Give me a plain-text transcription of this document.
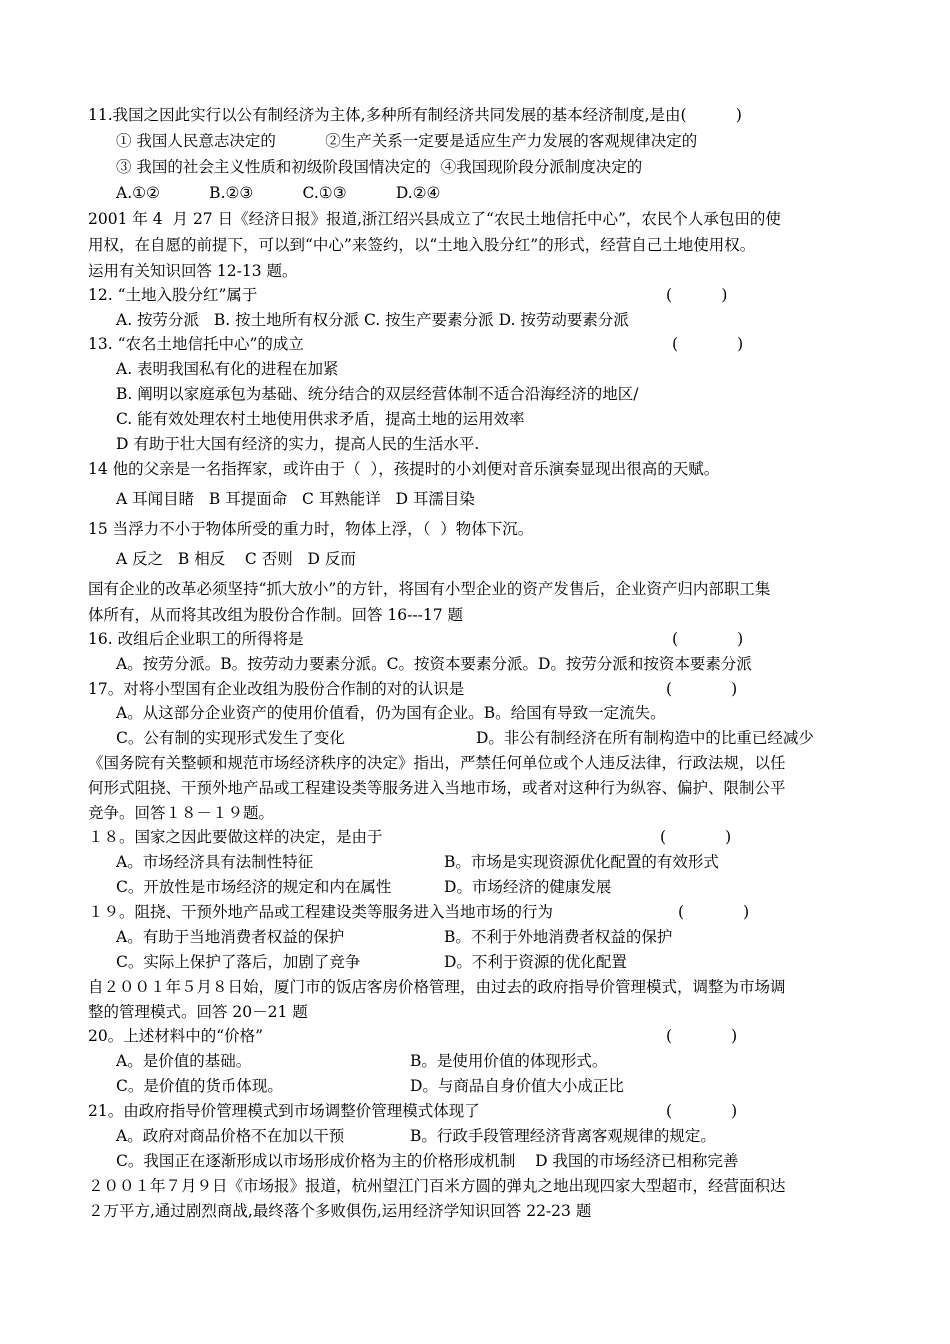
11.我国之因此实行以公有制经济为主体,多种所有制经济共同发展的基本经济制度,是由(          )
① 我国人民意志决定的          ②生产关系一定要是适应生产力发展的客观规律决定的
③ 我国的社会主义性质和初级阶段国情决定的  ④我国现阶段分派制度决定的
A.①②          B.②③          C.①③          D.②④
2001 年 4  月 27 日《经济日报》报道,浙江绍兴县成立了“农民土地信托中心”，农民个人承包田的使
用权，在自愿的前提下，可以到“中心”来签约，以“土地入股分红”的形式，经营自己土地使用权。
运用有关知识回答 12-13 题。
12. “土地入股分红”属于	(          )
A. 按劳分派   B. 按土地所有权分派 C. 按生产要素分派 D. 按劳动要素分派
13. “农名土地信托中心”的成立	(            )
A. 表明我国私有化的进程在加紧
B. 阐明以家庭承包为基础、统分结合的双层经营体制不适合沿海经济的地区/
C. 能有效处理农村土地使用供求矛盾，提高土地的运用效率
D 有助于壮大国有经济的实力，提高人民的生活水平.
14 他的父亲是一名指挥家，或许由于（  ），孩提时的小刘便对音乐演奏显现出很高的天赋。
A 耳闻目睹   B 耳提面命   C 耳熟能详   D 耳濡目染
15 当浮力不小于物体所受的重力时，物体上浮，（  ）物体下沉。
A 反之   B 相反    C 否则   D 反而
国有企业的改革必须坚持“抓大放小”的方针，将国有小型企业的资产发售后，企业资产归内部职工集
体所有，从而将其改组为股份合作制。回答 16---17 题
16. 改组后企业职工的所得将是	(            )
A。按劳分派。B。按劳动力要素分派。C。按资本要素分派。D。按劳分派和按资本要素分派
17。对将小型国有企业改组为股份合作制的对的认识是	(            )
A。从这部分企业资产的使用价值看，仍为国有企业。B。给国有导致一定流失。
C。公有制的实现形式发生了变化	D。非公有制经济在所有制构造中的比重已经减少
《国务院有关整顿和规范市场经济秩序的决定》指出，严禁任何单位或个人违反法律，行政法规，以任
何形式阻挠、干预外地产品或工程建设类等服务进入当地市场，或者对这种行为纵容、偏护、限制公平
竞争。回答１８－１９题。
１８。国家之因此要做这样的决定，是由于	(            )
A。市场经济具有法制性特征	B。市场是实现资源优化配置的有效形式
C。开放性是市场经济的规定和内在属性	D。市场经济的健康发展
１９。阻挠、干预外地产品或工程建设类等服务进入当地市场的行为	(            )
A。有助于当地消费者权益的保护	B。不利于外地消费者权益的保护
C。实际上保护了落后，加剧了竞争	D。不利于资源的优化配置
自２００１年５月８日始，厦门市的饭店客房价格管理，由过去的政府指导价管理模式，调整为市场调
整的管理模式。回答 20－21 题
20。上述材料中的“价格”	(            )
A。是价值的基础。	B。是使用价值的体现形式。
C。是价值的货币体现。	D。与商品自身价值大小成正比
21。由政府指导价管理模式到市场调整价管理模式体现了	(            )
A。政府对商品价格不在加以干预	B。行政手段管理经济背离客观规律的规定。
C。我国正在逐渐形成以市场形成价格为主的价格形成机制    D 我国的市场经济已相称完善
２００１年７月９日《市场报》报道，杭州望江门百米方圆的弹丸之地出现四家大型超市，经营面积达
２万平方,通过剧烈商战,最终落个多败俱伤,运用经济学知识回答 22-23 题
